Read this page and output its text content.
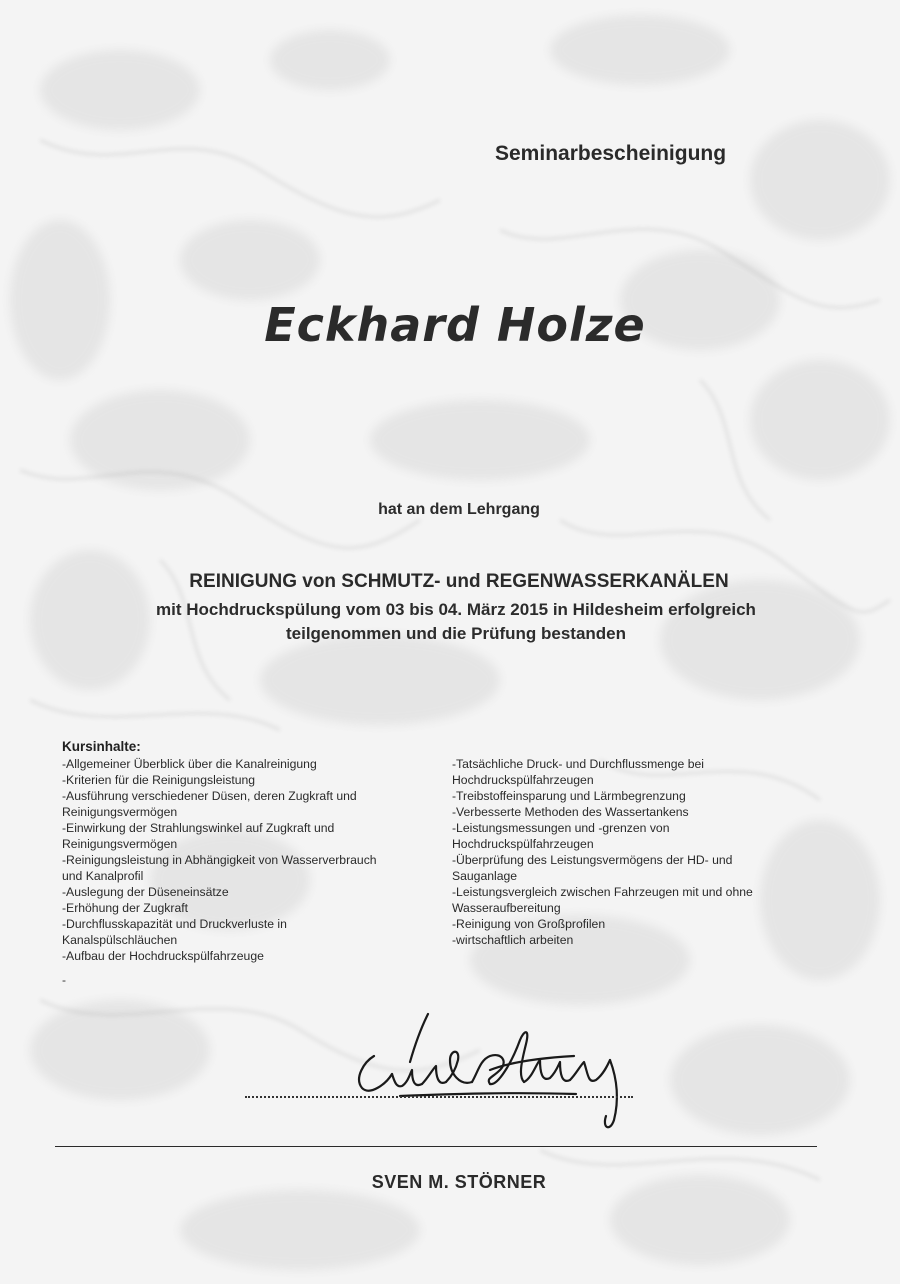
Seminarbescheinigung
Eckhard Holze
hat an dem Lehrgang
REINIGUNG von SCHMUTZ- und REGENWASSERKANÄLEN
mit Hochdruckspülung vom 03 bis 04. März 2015 in Hildesheim erfolgreich
teilgenommen und die Prüfung bestanden
Kursinhalte:
-Allgemeiner Überblick über die Kanalreinigung
-Kriterien für die Reinigungsleistung
-Ausführung verschiedener Düsen, deren Zugkraft und
Reinigungsvermögen
-Einwirkung der Strahlungswinkel auf Zugkraft und
Reinigungsvermögen
-Reinigungsleistung in Abhängigkeit von Wasserverbrauch
und Kanalprofil
-Auslegung der Düseneinsätze
-Erhöhung der Zugkraft
-Durchflusskapazität und Druckverluste in
Kanalspülschläuchen
-Aufbau der Hochdruckspülfahrzeuge
-Tatsächliche Druck- und Durchflussmenge bei
Hochdruckspülfahrzeugen
-Treibstoffeinsparung und Lärmbegrenzung
-Verbesserte Methoden des Wassertankens
-Leistungsmessungen und -grenzen von
Hochdruckspülfahrzeugen
-Überprüfung des Leistungsvermögens der HD- und
Sauganlage
-Leistungsvergleich zwischen Fahrzeugen mit und ohne
Wasseraufbereitung
-Reinigung von Großprofilen
-wirtschaftlich arbeiten
-
SVEN M. STÖRNER
